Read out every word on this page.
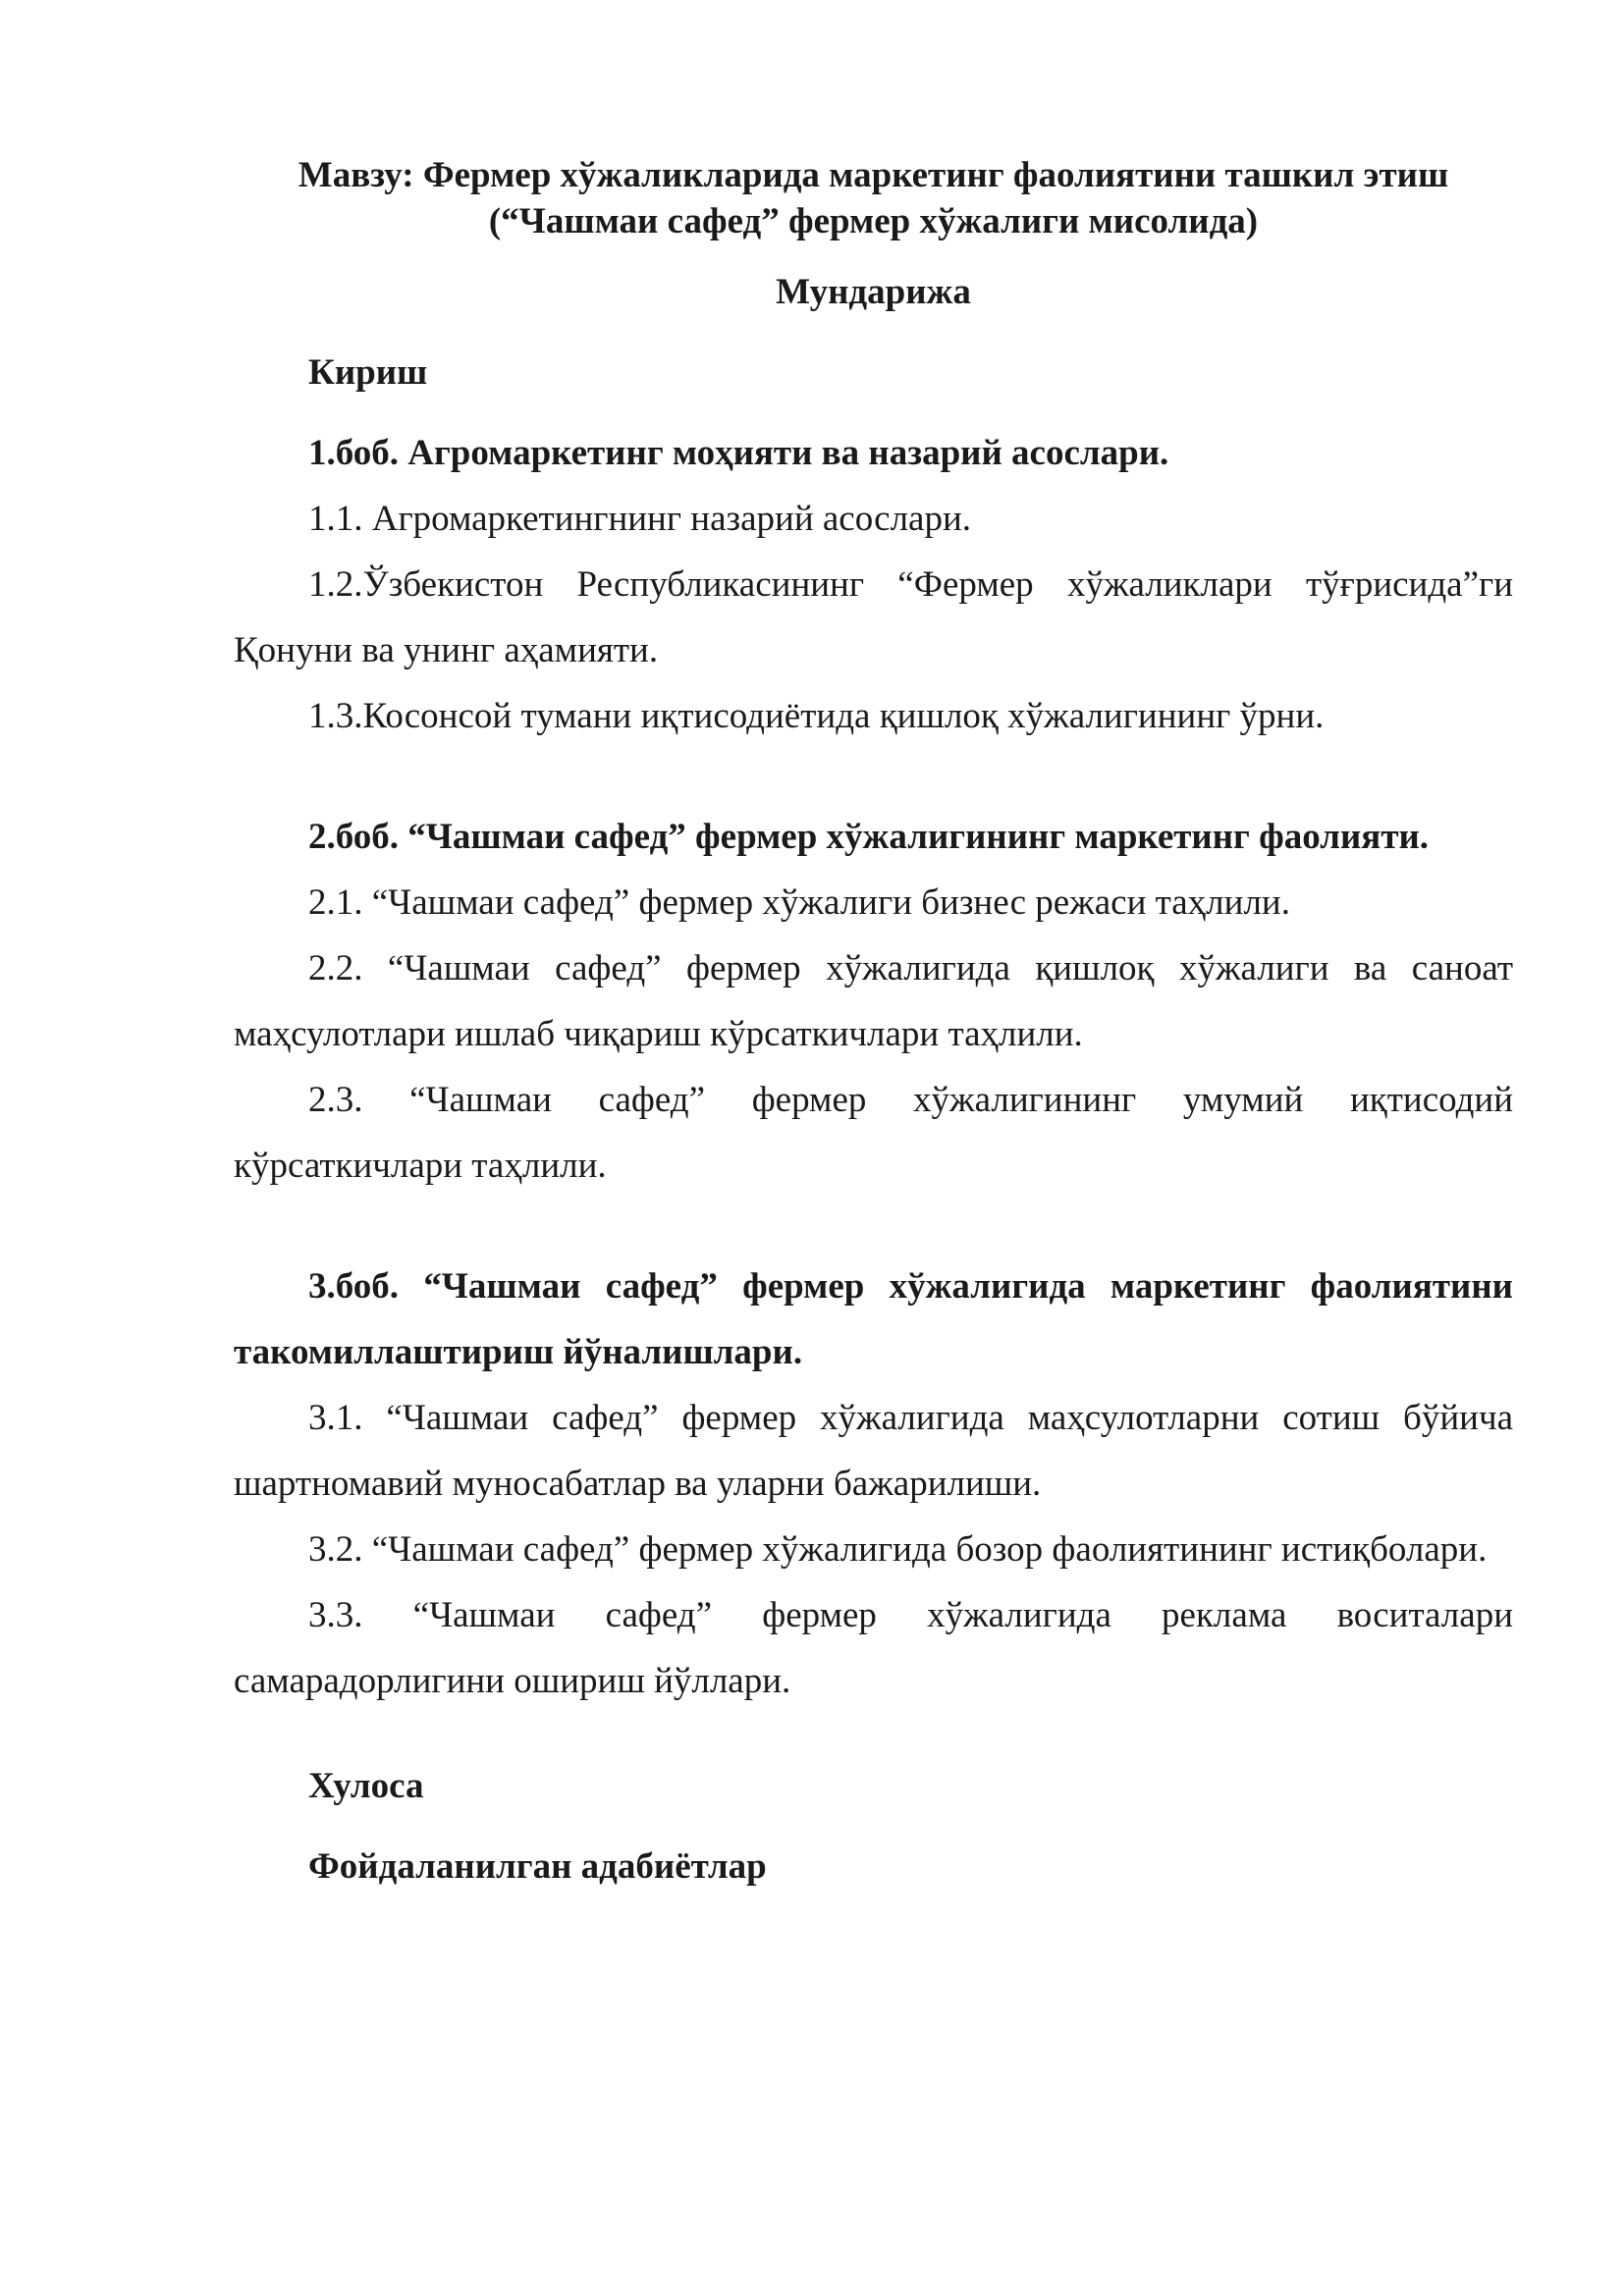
Мавзу: Фермер хўжаликларида маркетинг фаолиятини ташкил этиш

(“Чашмаи сафед” фермер хўжалиги мисолида)

Мундарижа

Кириш

1.боб. Агромаркетинг моҳияти ва назарий асослари.

1.1. Агромаркетингнинг назарий асослари.

1.2.Ўзбекистон Республикасининг “Фермер хўжаликлари тўғрисида”ги Қонуни ва унинг аҳамияти.

1.3.Косонсой тумани иқтисодиётида қишлоқ хўжалигининг ўрни.

2.боб. “Чашмаи сафед” фермер хўжалигининг маркетинг фаолияти.

2.1. “Чашмаи сафед” фермер хўжалиги бизнес режаси таҳлили.

2.2. “Чашмаи сафед” фермер хўжалигида қишлоқ хўжалиги ва саноат маҳсулотлари ишлаб чиқариш кўрсаткичлари таҳлили.

2.3. “Чашмаи сафед” фермер хўжалигининг умумий иқтисодий кўрсаткичлари таҳлили.

3.боб. “Чашмаи сафед” фермер хўжалигида маркетинг фаолиятини такомиллаштириш йўналишлари.

3.1. “Чашмаи сафед” фермер хўжалигида маҳсулотларни сотиш бўйича шартномавий муносабатлар ва уларни бажарилиши.

3.2. “Чашмаи сафед” фермер хўжалигида бозор фаолиятининг истиқболари.

3.3. “Чашмаи сафед” фермер хўжалигида реклама воситалари самарадорлигини ошириш йўллари.

Хулоса

Фойдаланилган адабиётлар
